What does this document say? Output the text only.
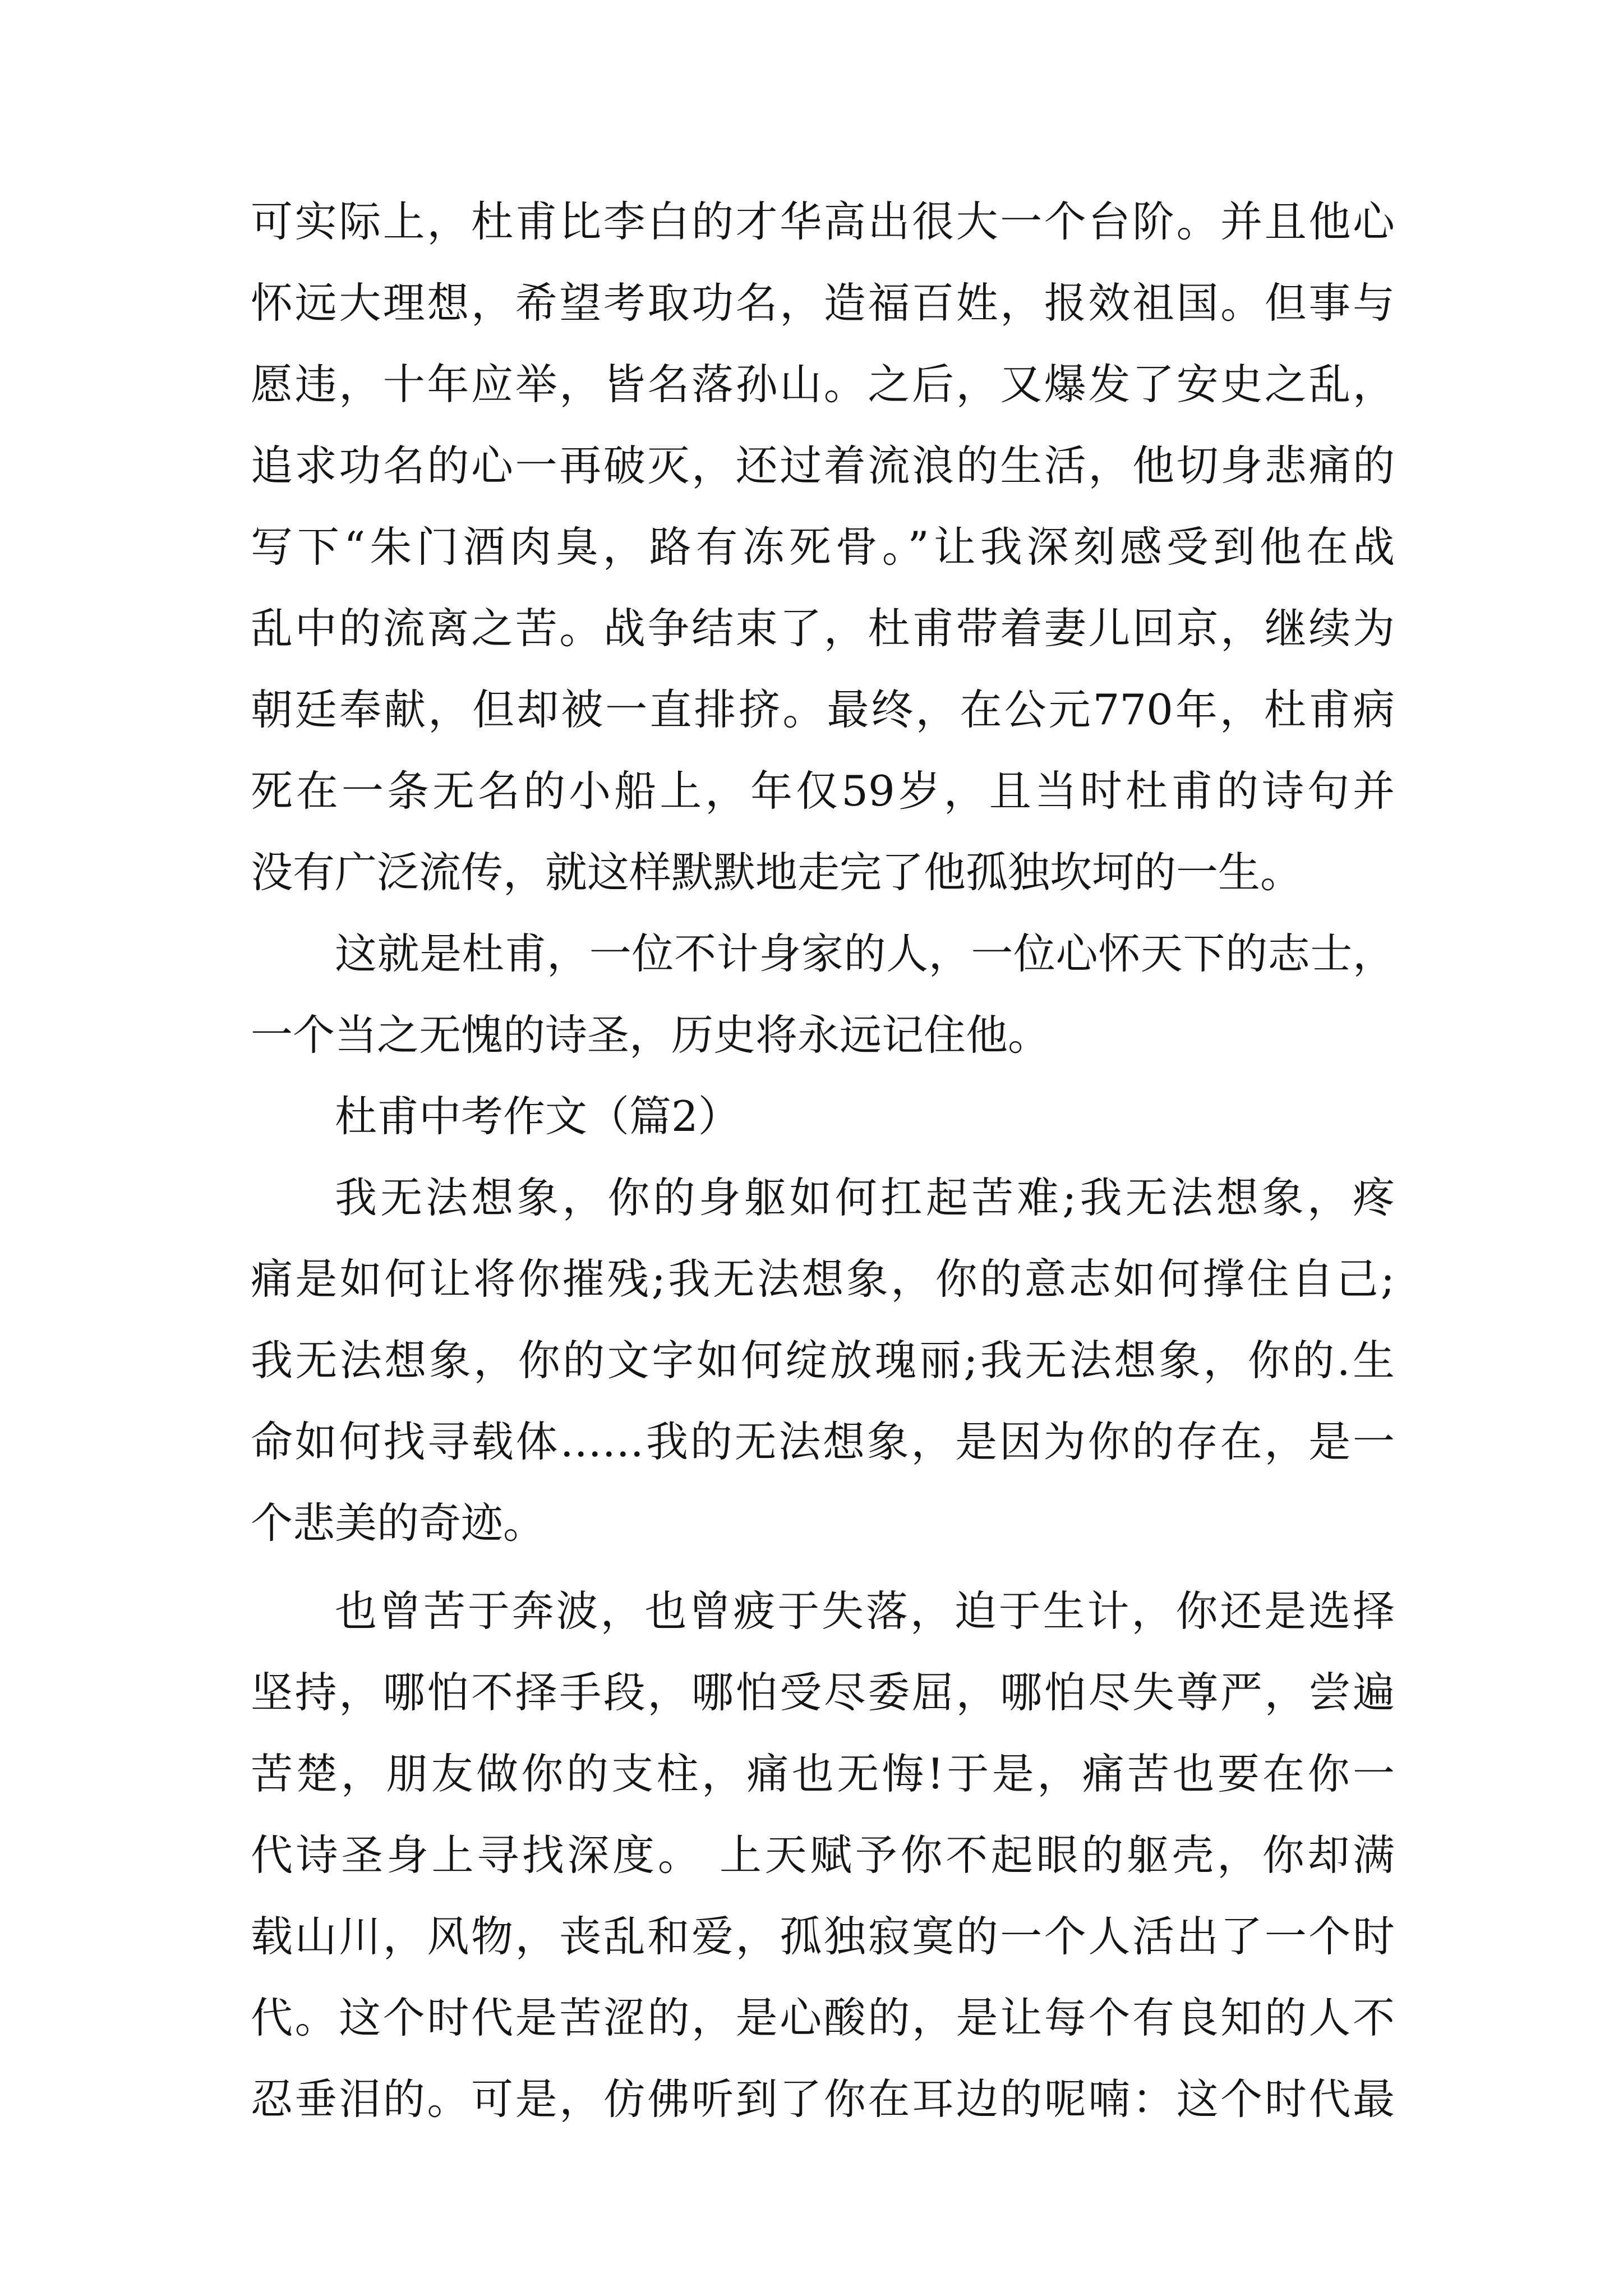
可实际上，杜甫比李白的才华高出很大一个台阶。并且他心
怀远大理想，希望考取功名，造福百姓，报效祖国。但事与
愿违，十年应举，皆名落孙山。之后，又爆发了安史之乱，
追求功名的心一再破灭，还过着流浪的生活，他切身悲痛的
写下“朱门酒肉臭，路有冻死骨。”让我深刻感受到他在战
乱中的流离之苦。战争结束了，杜甫带着妻儿回京，继续为
朝廷奉献，但却被一直排挤。最终，在公元770年，杜甫病
死在一条无名的小船上，年仅59岁，且当时杜甫的诗句并
没有广泛流传，就这样默默地走完了他孤独坎坷的一生。
这就是杜甫，一位不计身家的人，一位心怀天下的志士，
一个当之无愧的诗圣，历史将永远记住他。
杜甫中考作文（篇2）
我无法想象，你的身躯如何扛起苦难;我无法想象，疼
痛是如何让将你摧残;我无法想象，你的意志如何撑住自己;
我无法想象，你的文字如何绽放瑰丽;我无法想象，你的.生
命如何找寻载体……我的无法想象，是因为你的存在，是一
个悲美的奇迹。
也曾苦于奔波，也曾疲于失落，迫于生计，你还是选择
坚持，哪怕不择手段，哪怕受尽委屈，哪怕尽失尊严，尝遍
苦楚，朋友做你的支柱，痛也无悔!于是，痛苦也要在你一
代诗圣身上寻找深度。 上天赋予你不起眼的躯壳，你却满
载山川，风物，丧乱和爱，孤独寂寞的一个人活出了一个时
代。这个时代是苦涩的，是心酸的，是让每个有良知的人不
忍垂泪的。可是，仿佛听到了你在耳边的呢喃：这个时代最
